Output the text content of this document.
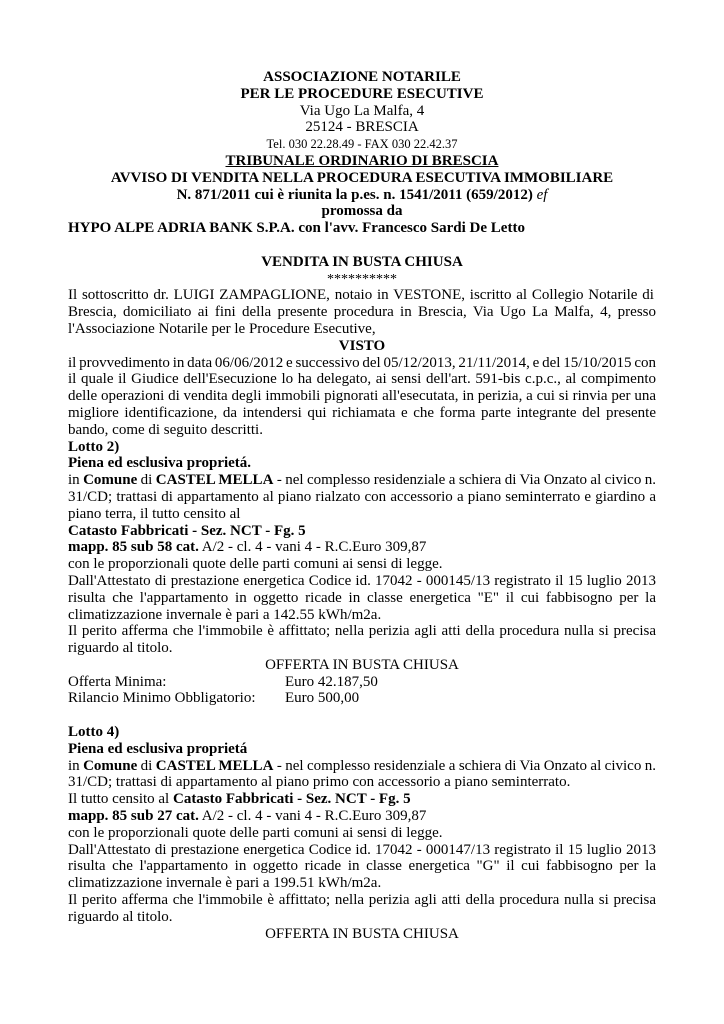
ASSOCIAZIONE NOTARILE
PER LE PROCEDURE ESECUTIVE
Via Ugo La Malfa, 4
25124 - BRESCIA
Tel. 030 22.28.49 - FAX 030 22.42.37
TRIBUNALE ORDINARIO DI BRESCIA
AVVISO DI VENDITA NELLA PROCEDURA ESECUTIVA IMMOBILIARE
N. 871/2011 cui è riunita la p.es. n. 1541/2011 (659/2012) ef
promossa da
HYPO ALPE ADRIA BANK S.P.A. con l'avv. Francesco Sardi De Letto
VENDITA IN BUSTA CHIUSA
**********
Il sottoscritto dr. LUIGI ZAMPAGLIONE, notaio in VESTONE, iscritto al Collegio Notarile di
Brescia, domiciliato ai fini della presente procedura in Brescia, Via Ugo La Malfa, 4, presso
l'Associazione Notarile per le Procedure Esecutive,
VISTO
il provvedimento in data 06/06/2012 e successivo del 05/12/2013, 21/11/2014, e del 15/10/2015 con
il quale il Giudice dell'Esecuzione lo ha delegato, ai sensi dell'art. 591-bis c.p.c., al compimento
delle operazioni di vendita degli immobili pignorati all'esecutata, in perizia, a cui si rinvia per una
migliore identificazione, da intendersi qui richiamata e che forma parte integrante del presente
bando, come di seguito descritti.
Lotto 2)
Piena ed esclusiva proprietá.
in Comune di CASTEL MELLA - nel complesso residenziale a schiera di Via Onzato al civico n.
31/CD; trattasi di appartamento al piano rialzato con accessorio a piano seminterrato e giardino a
piano terra, il tutto censito al
Catasto Fabbricati - Sez. NCT - Fg. 5
mapp. 85 sub 58 cat. A/2 - cl. 4 - vani 4 - R.C.Euro 309,87
con le proporzionali quote delle parti comuni ai sensi di legge.
Dall'Attestato di prestazione energetica Codice id. 17042 - 000145/13 registrato il 15 luglio 2013
risulta che l'appartamento in oggetto ricade in classe energetica "E" il cui fabbisogno per la
climatizzazione invernale è pari a 142.55 kWh/m2a.
Il perito afferma che l'immobile è affittato; nella perizia agli atti della procedura nulla si precisa
riguardo al titolo.
OFFERTA IN BUSTA CHIUSA
Offerta Minima:	Euro 42.187,50
Rilancio Minimo Obbligatorio: Euro 500,00
Lotto 4)
Piena ed esclusiva proprietá
in Comune di CASTEL MELLA - nel complesso residenziale a schiera di Via Onzato al civico n.
31/CD; trattasi di appartamento al piano primo con accessorio a piano seminterrato.
Il tutto censito al Catasto Fabbricati - Sez. NCT - Fg. 5
mapp. 85 sub 27 cat. A/2 - cl. 4 - vani 4 - R.C.Euro 309,87
con le proporzionali quote delle parti comuni ai sensi di legge.
Dall'Attestato di prestazione energetica Codice id. 17042 - 000147/13 registrato il 15 luglio 2013
risulta che l'appartamento in oggetto ricade in classe energetica "G" il cui fabbisogno per la
climatizzazione invernale è pari a 199.51 kWh/m2a.
Il perito afferma che l'immobile è affittato; nella perizia agli atti della procedura nulla si precisa
riguardo al titolo.
OFFERTA IN BUSTA CHIUSA
